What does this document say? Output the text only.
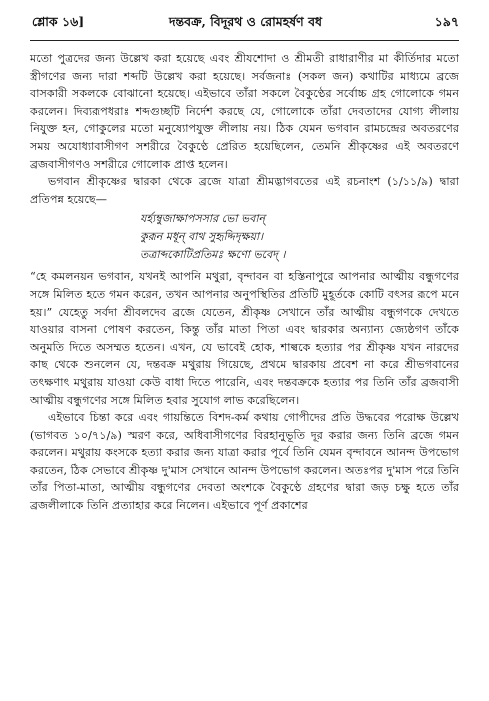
শ্লোক ১৬]	দন্তবক্র, বিদূরথ ও রোমহর্ষণ বধ	১৯৭

মতো পুত্রদের জন্য উল্লেখ করা হয়েছে এবং শ্রীযশোদা ও শ্রীমতী রাধারাণীর মা কীর্তিদার মতো স্ত্রীগণের জন্য দারা শব্দটি উল্লেখ করা হয়েছে। সর্বজনাঃ (সকল জন) কথাটির মাধ্যমে ব্রজে বাসকারী সকলকে বোঝানো হয়েছে। এইভাবে তাঁরা সকলে বৈকুণ্ঠের সর্বোচ্চ গ্রহ গোলোকে গমন করলেন। দিব্যরূপধরাঃ শব্দগুচ্ছটি নির্দেশ করছে যে, গোলোকে তাঁরা দেবতাদের যোগ্য লীলায় নিযুক্ত হন, গোকুলের মতো মনুষ্যোপযুক্ত লীলায় নয়। ঠিক যেমন ভগবান রামচন্দ্রের অবতরণের সময় অযোধ্যাবাসীগণ সশরীরে বৈকুণ্ঠে প্রেরিত হয়েছিলেন, তেমনি শ্রীকৃষ্ণের এই অবতরণে ব্রজবাসীগণও সশরীরে গোলোক প্রাপ্ত হলেন।

ভগবান শ্রীকৃষ্ণের দ্বারকা থেকে ব্রজে যাত্রা শ্রীমদ্ভাগবতের এই রচনাংশ (১/১১/৯) দ্বারা প্রতিপন্ন হয়েছে—

যর্হ্যম্বুজাক্ষাপসসার ভো ভবান্
কুরূন মধূন্ বাথ সুহৃদ্দিদৃক্ষয়া।
তত্রাব্দকোটিপ্রতিমঃ ক্ষণো ভবেদ্ ।

“হে কমলনয়ন ভগবান, যখনই আপনি মথুরা, বৃন্দাবন বা হস্তিনাপুরে আপনার আত্মীয় বন্ধুগণের সঙ্গে মিলিত হতে গমন করেন, তখন আপনার অনুপস্থিতির প্রতিটি মুহূর্তকে কোটি বৎসর রূপে মনে হয়।” যেহেতু সর্বদা শ্রীবলদেব ব্রজে যেতেন, শ্রীকৃষ্ণ সেখানে তাঁর আত্মীয় বন্ধুগণকে দেখতে যাওয়ার বাসনা পোষণ করতেন, কিন্তু তাঁর মাতা পিতা এবং দ্বারকার অন্যান্য জ্যেষ্ঠগণ তাঁকে অনুমতি দিতে অসম্মত হতেন। এখন, যে ভাবেই হোক, শাল্বকে হত্যার পর শ্রীকৃষ্ণ যখন নারদের কাছ থেকে শুনলেন যে, দন্তবক্র মথুরায় গিয়েছে, প্রথমে দ্বারকায় প্রবেশ না করে শ্রীভগবানের তৎক্ষণাৎ মথুরায় যাওয়া কেউ বাধা দিতে পারেনি, এবং দন্তবক্রকে হত্যার পর তিনি তাঁর ব্রজবাসী আত্মীয় বন্ধুগণের সঙ্গে মিলিত হবার সুযোগ লাভ করেছিলেন।

এইভাবে চিন্তা করে এবং গায়ন্তিতে বিশদ-কর্ম কথায় গোপীদের প্রতি উদ্ধবের পরোক্ষ উল্লেখ (ভাগবত ১০/৭১/৯) স্মরণ করে, অধিবাসীগণের বিরহানুভূতি দূর করার জন্য তিনি ব্রজে গমন করলেন। মথুরায় কংসকে হত্যা করার জন্য যাত্রা করার পূর্বে তিনি যেমন বৃন্দাবনে আনন্দ উপভোগ করতেন, ঠিক সেভাবে শ্রীকৃষ্ণ দু'মাস সেখানে আনন্দ উপভোগ করলেন। অতঃপর দু'মাস পরে তিনি তাঁর পিতা-মাতা, আত্মীয় বন্ধুগণের দেবতা অংশকে বৈকুণ্ঠে গ্রহণের দ্বারা জড় চক্ষু হতে তাঁর ব্রজলীলাকে তিনি প্রত্যাহার করে নিলেন। এইভাবে পূর্ণ প্রকাশের
